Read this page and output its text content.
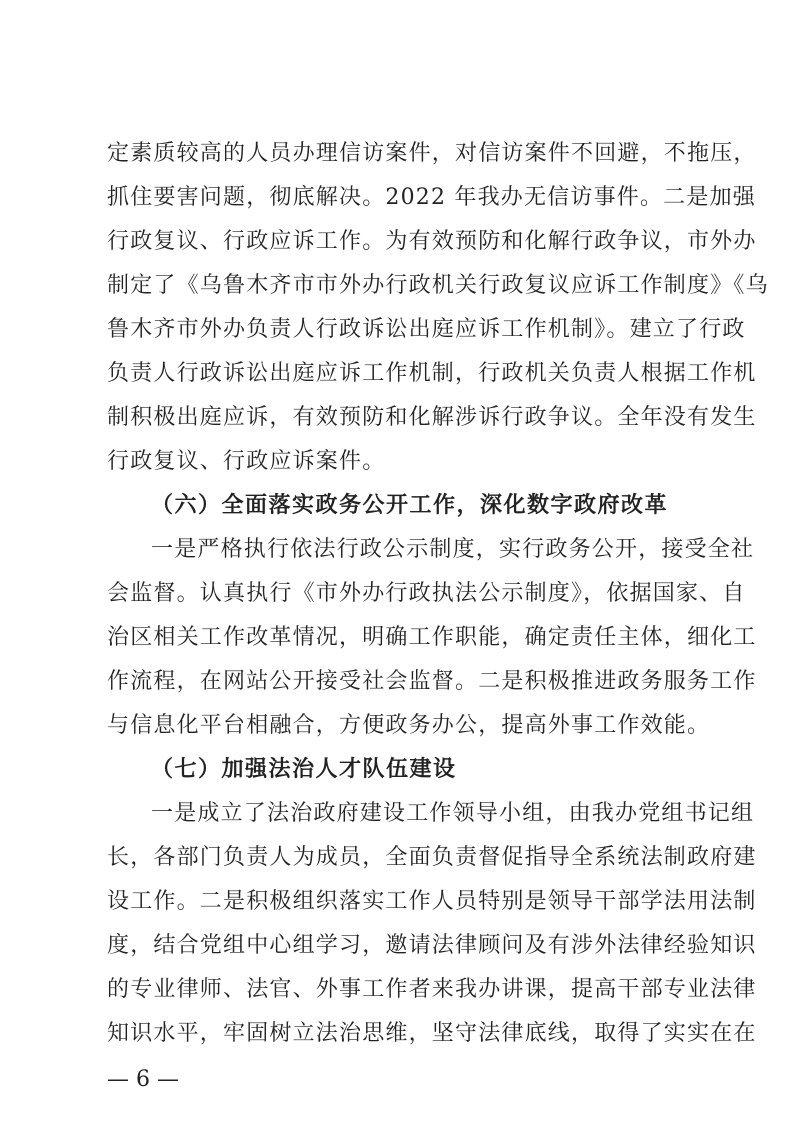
定素质较高的人员办理信访案件，对信访案件不回避，不拖压，
抓住要害问题，彻底解决。2022 年我办无信访事件。二是加强
行政复议、行政应诉工作。为有效预防和化解行政争议，市外办
制定了《乌鲁木齐市市外办行政机关行政复议应诉工作制度》《乌
鲁木齐市外办负责人行政诉讼出庭应诉工作机制》。建立了行政
负责人行政诉讼出庭应诉工作机制，行政机关负责人根据工作机
制积极出庭应诉，有效预防和化解涉诉行政争议。全年没有发生
行政复议、行政应诉案件。
（六）全面落实政务公开工作，深化数字政府改革
一是严格执行依法行政公示制度，实行政务公开，接受全社
会监督。认真执行《市外办行政执法公示制度》，依据国家、自
治区相关工作改革情况，明确工作职能，确定责任主体，细化工
作流程，在网站公开接受社会监督。二是积极推进政务服务工作
与信息化平台相融合，方便政务办公，提高外事工作效能。
（七）加强法治人才队伍建设
一是成立了法治政府建设工作领导小组，由我办党组书记组
长，各部门负责人为成员，全面负责督促指导全系统法制政府建
设工作。二是积极组织落实工作人员特别是领导干部学法用法制
度，结合党组中心组学习，邀请法律顾问及有涉外法律经验知识
的专业律师、法官、外事工作者来我办讲课，提高干部专业法律
知识水平，牢固树立法治思维，坚守法律底线，取得了实实在在
— 6 —
